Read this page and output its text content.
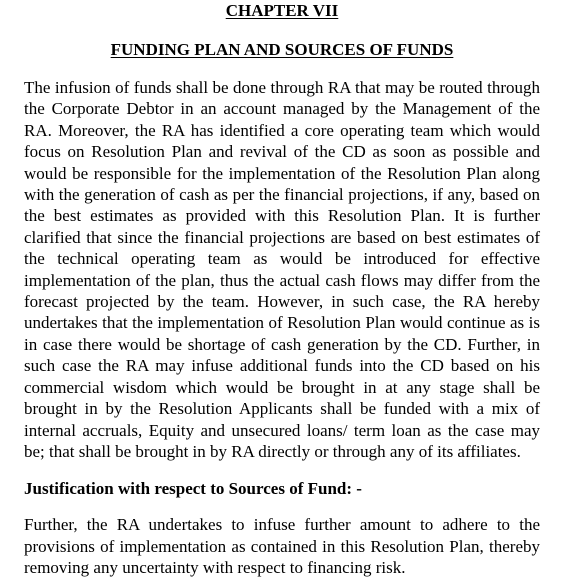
CHAPTER VII
FUNDING PLAN AND SOURCES OF FUNDS

The infusion of funds shall be done through RA that may be routed through the Corporate Debtor in an account managed by the Management of the RA. Moreover, the RA has identified a core operating team which would focus on Resolution Plan and revival of the CD as soon as possible and would be responsible for the implementation of the Resolution Plan along with the generation of cash as per the financial projections, if any, based on the best estimates as provided with this Resolution Plan. It is further clarified that since the financial projections are based on best estimates of the technical operating team as would be introduced for effective implementation of the plan, thus the actual cash flows may differ from the forecast projected by the team. However, in such case, the RA hereby undertakes that the implementation of Resolution Plan would continue as is in case there would be shortage of cash generation by the CD. Further, in such case the RA may infuse additional funds into the CD based on his commercial wisdom which would be brought in at any stage shall be brought in by the Resolution Applicants shall be funded with a mix of internal accruals, Equity and unsecured loans/ term loan as the case may be; that shall be brought in by RA directly or through any of its affiliates.

Justification with respect to Sources of Fund: -

Further, the RA undertakes to infuse further amount to adhere to the provisions of implementation as contained in this Resolution Plan, thereby removing any uncertainty with respect to financing risk.
